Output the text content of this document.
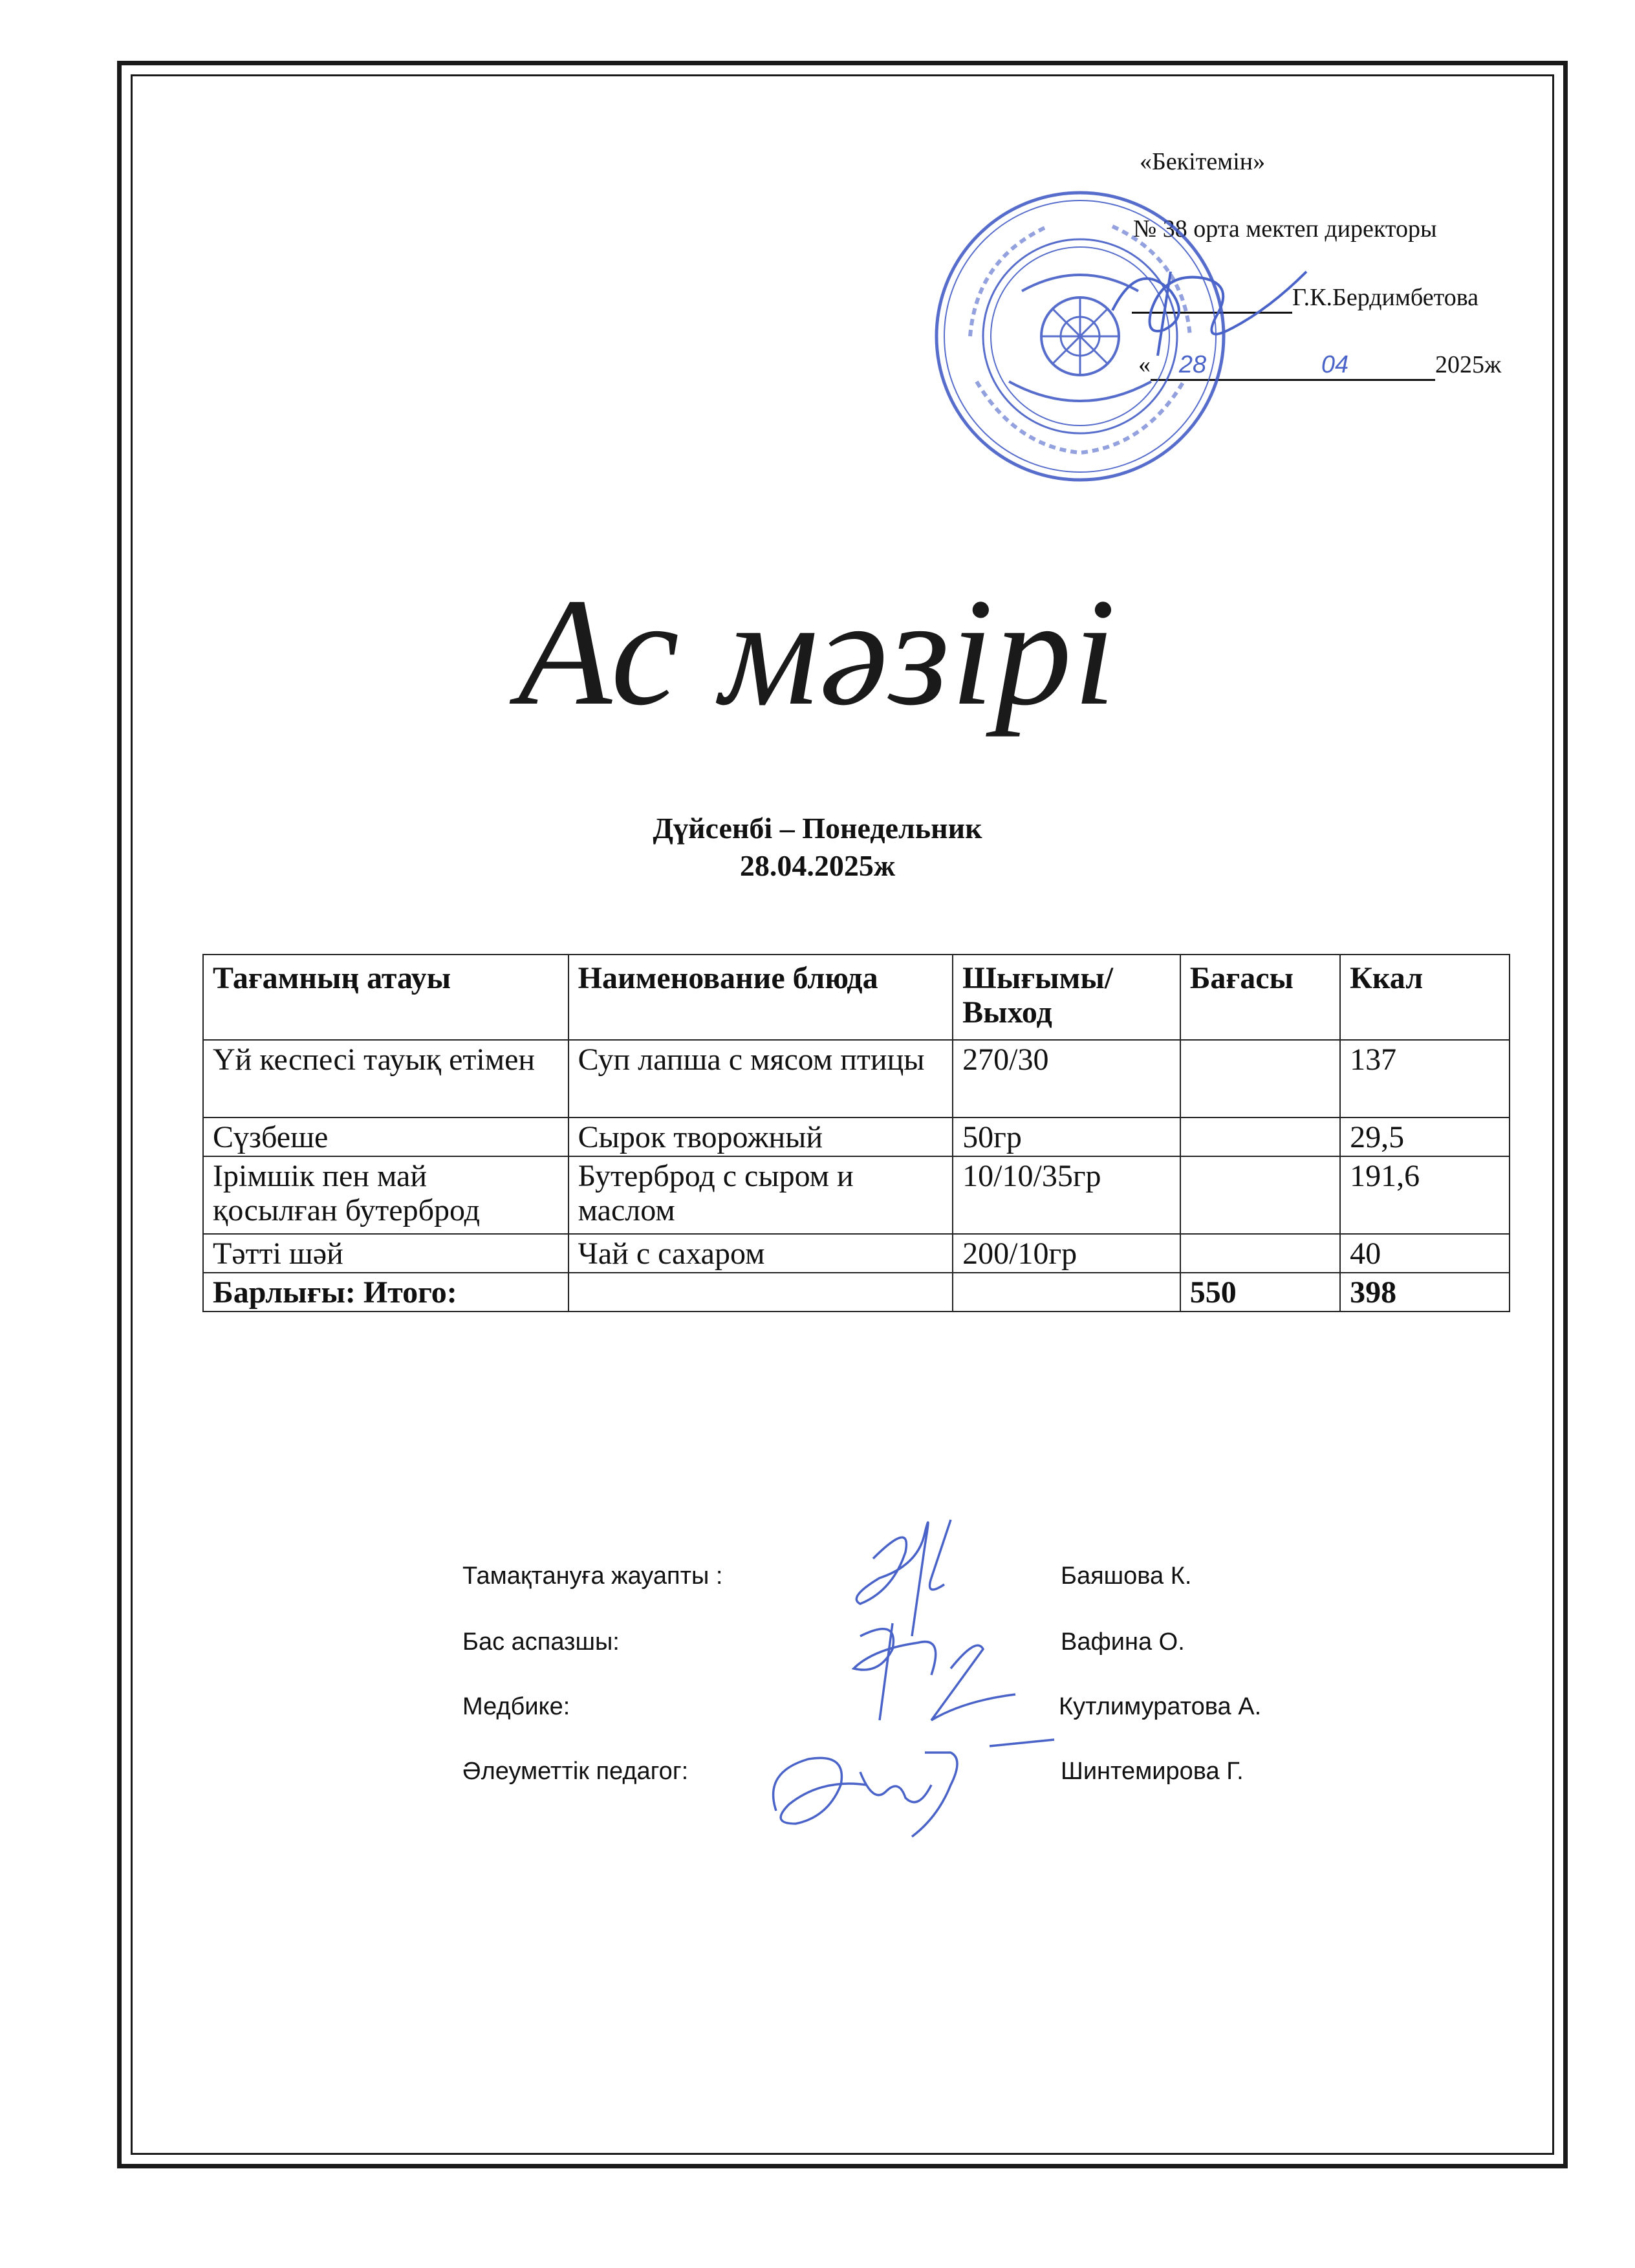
«Бекітемін»
№ 38 орта мектеп директоры
Г.К.Бердимбетова
« 28	04	2025ж
Ас мәзірі
Дүйсенбі – Понедельник
28.04.2025ж
Тағамның атауы	Наименование блюда	Шығымы/ Выход	Бағасы	Ккал
Үй кеспесі тауық етімен	Суп лапша с мясом птицы	270/30		137
Сүзбеше	Сырок творожный	50гр		29,5
Ірімшік пен май қосылған бутерброд	Бутерброд с сыром и маслом	10/10/35гр		191,6
Тәтті шәй	Чай с сахаром	200/10гр		40
Барлығы: Итого:			550	398
Тамақтануға жауапты :	Баяшова К.
Бас аспазшы:	Вафина О.
Медбике:	Кутлимуратова А.
Әлеуметтік педагог:	Шинтемирова Г.
